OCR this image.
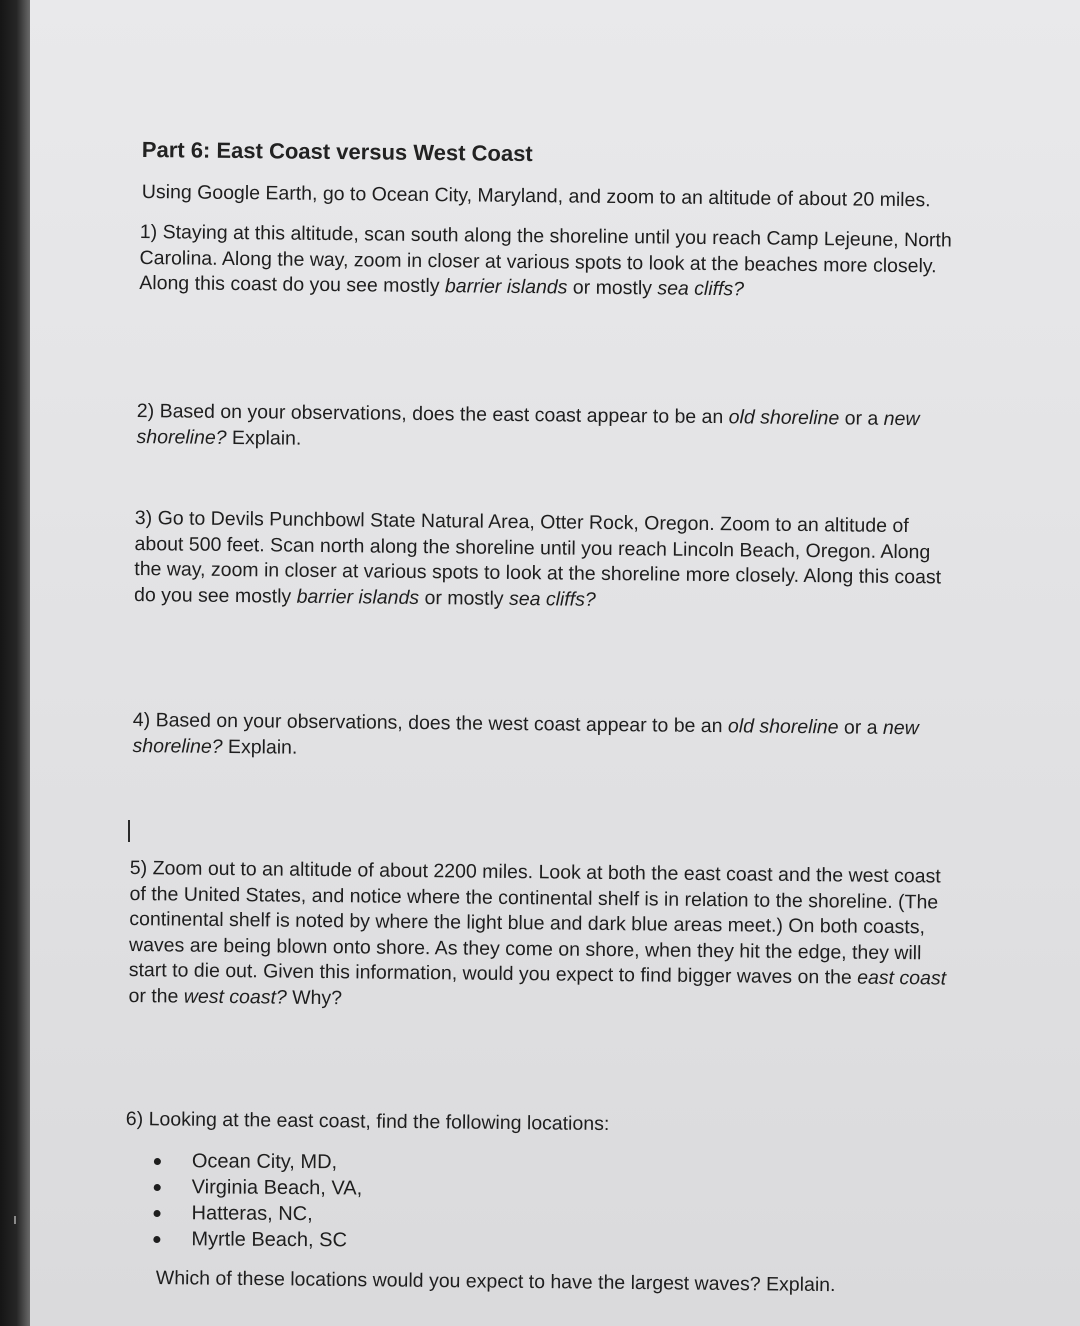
Part 6: East Coast versus West Coast
Using Google Earth, go to Ocean City, Maryland, and zoom to an altitude of about 20 miles.
1) Staying at this altitude, scan south along the shoreline until you reach Camp Lejeune, North
Carolina. Along the way, zoom in closer at various spots to look at the beaches more closely.
Along this coast do you see mostly barrier islands or mostly sea cliffs?
2) Based on your observations, does the east coast appear to be an old shoreline or a new
shoreline? Explain.
3) Go to Devils Punchbowl State Natural Area, Otter Rock, Oregon. Zoom to an altitude of
about 500 feet. Scan north along the shoreline until you reach Lincoln Beach, Oregon. Along
the way, zoom in closer at various spots to look at the shoreline more closely. Along this coast
do you see mostly barrier islands or mostly sea cliffs?
4) Based on your observations, does the west coast appear to be an old shoreline or a new
shoreline? Explain.
5) Zoom out to an altitude of about 2200 miles. Look at both the east coast and the west coast
of the United States, and notice where the continental shelf is in relation to the shoreline. (The
continental shelf is noted by where the light blue and dark blue areas meet.) On both coasts,
waves are being blown onto shore. As they come on shore, when they hit the edge, they will
start to die out. Given this information, would you expect to find bigger waves on the east coast
or the west coast? Why?
6) Looking at the east coast, find the following locations:
Ocean City, MD,
Virginia Beach, VA,
Hatteras, NC,
Myrtle Beach, SC
Which of these locations would you expect to have the largest waves? Explain.
